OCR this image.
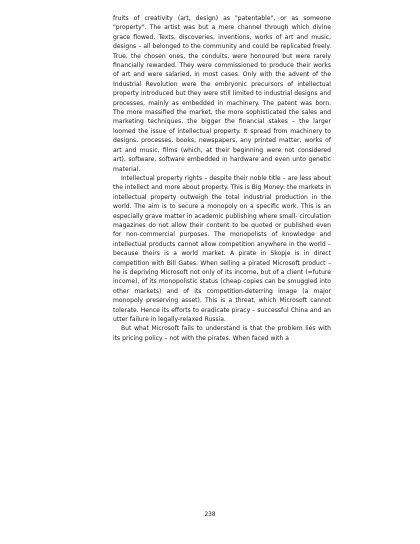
fruits of creativity (art, design) as "patentable", or as someone "property". The artist was but a mere channel through which divine grace flowed. Texts, discoveries, inventions, works of art and music, designs – all belonged to the community and could be replicated freely. True, the chosen ones, the conduits, were honoured but were rarely financially rewarded. They were commissioned to produce their works of art and were salaried, in most cases. Only with the advent of the Industrial Revolution were the embryonic precursors of intellectual property introduced but they were still limited to industrial designs and processes, mainly as embedded in machinery. The patent was born. The more massified the market, the more sophisticated the sales and marketing techniques, the bigger the financial stakes – the larger loomed the issue of intellectual property. It spread from machinery to designs, processes, books, newspapers, any printed matter, works of art and music, films (which, at their beginning were not considered art), software, software embedded in hardware and even unto genetic material.

Intellectual property rights – despite their noble title – are less about the intellect and more about property. This is Big Money: the markets in intellectual property outweigh the total industrial production in the world. The aim is to secure a monopoly on a specific work. This is an especially grave matter in academic publishing where small- circulation magazines do not allow their content to be quoted or published even for non-commercial purposes. The monopolists of knowledge and intellectual products cannot allow competition anywhere in the world – because theirs is a world market. A pirate in Skopje is in direct competition with Bill Gates. When selling a pirated Microsoft product – he is depriving Microsoft not only of its income, but of a client (=future income), of its monopolistic status (cheap copies can be smuggled into other markets) and of its competition-deterring image (a major monopoly preserving asset). This is a threat, which Microsoft cannot tolerate. Hence its efforts to eradicate piracy – successful China and an utter failure in legally-relaxed Russia.

But what Microsoft fails to understand is that the problem lies with its pricing policy – not with the pirates. When faced with a

238
